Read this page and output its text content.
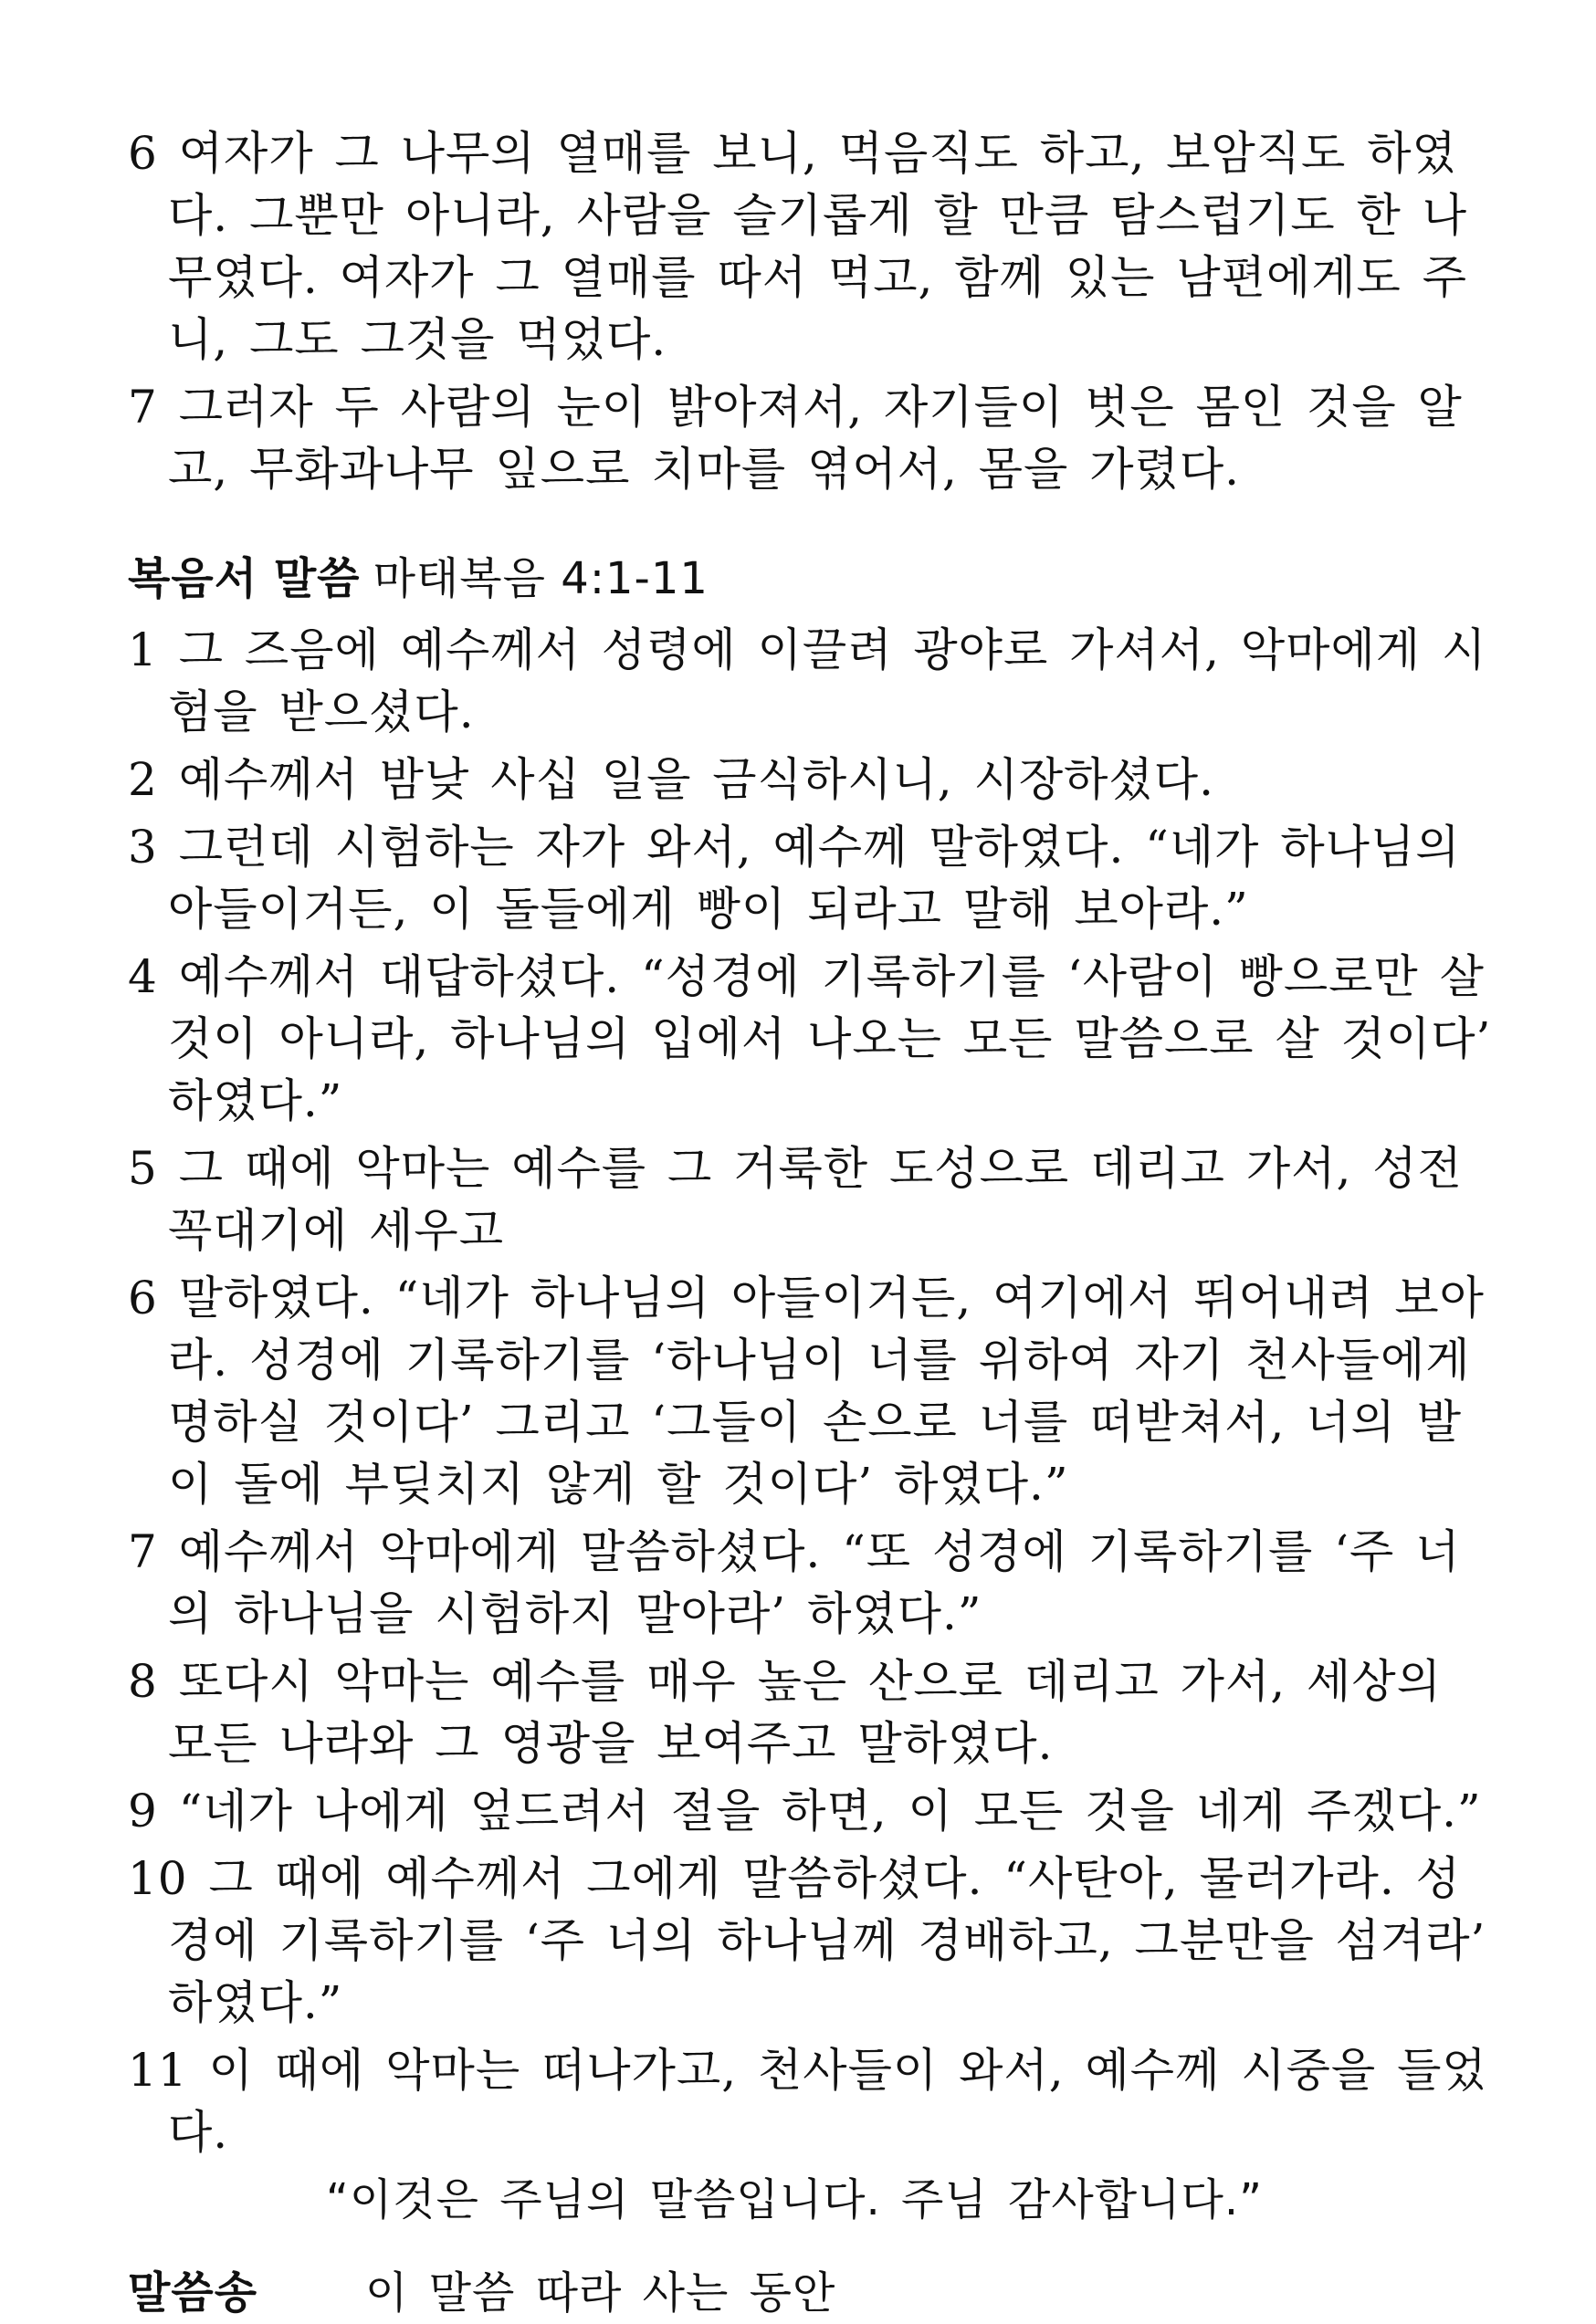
6 여자가 그 나무의 열매를 보니, 먹음직도 하고, 보암직도 하였다. 그뿐만 아니라, 사람을 슬기롭게 할 만큼 탐스럽기도 한 나무였다. 여자가 그 열매를 따서 먹고, 함께 있는 남편에게도 주니, 그도 그것을 먹었다.

7 그러자 두 사람의 눈이 밝아져서, 자기들이 벗은 몸인 것을 알고, 무화과나무 잎으로 치마를 엮어서, 몸을 가렸다.

복음서 말씀 마태복음 4:1-11

1 그 즈음에 예수께서 성령에 이끌려 광야로 가셔서, 악마에게 시험을 받으셨다.

2 예수께서 밤낮 사십 일을 금식하시니, 시장하셨다.

3 그런데 시험하는 자가 와서, 예수께 말하였다. “네가 하나님의 아들이거든, 이 돌들에게 빵이 되라고 말해 보아라.”

4 예수께서 대답하셨다. “성경에 기록하기를 ‘사람이 빵으로만 살 것이 아니라, 하나님의 입에서 나오는 모든 말씀으로 살 것이다’ 하였다.”

5 그 때에 악마는 예수를 그 거룩한 도성으로 데리고 가서, 성전 꼭대기에 세우고

6 말하였다. “네가 하나님의 아들이거든, 여기에서 뛰어내려 보아라. 성경에 기록하기를 ‘하나님이 너를 위하여 자기 천사들에게 명하실 것이다’ 그리고 ‘그들이 손으로 너를 떠받쳐서, 너의 발이 돌에 부딪치지 않게 할 것이다’ 하였다.”

7 예수께서 악마에게 말씀하셨다. “또 성경에 기록하기를 ‘주 너의 하나님을 시험하지 말아라’ 하였다.”

8 또다시 악마는 예수를 매우 높은 산으로 데리고 가서, 세상의 모든 나라와 그 영광을 보여주고 말하였다.

9 “네가 나에게 엎드려서 절을 하면, 이 모든 것을 네게 주겠다.”

10 그 때에 예수께서 그에게 말씀하셨다. “사탄아, 물러가라. 성경에 기록하기를 ‘주 너의 하나님께 경배하고, 그분만을 섬겨라’ 하였다.”

11 이 때에 악마는 떠나가고, 천사들이 와서, 예수께 시중을 들었다.

“이것은 주님의 말씀입니다. 주님 감사합니다.”
말씀송 이 말씀 따라 사는 동안
